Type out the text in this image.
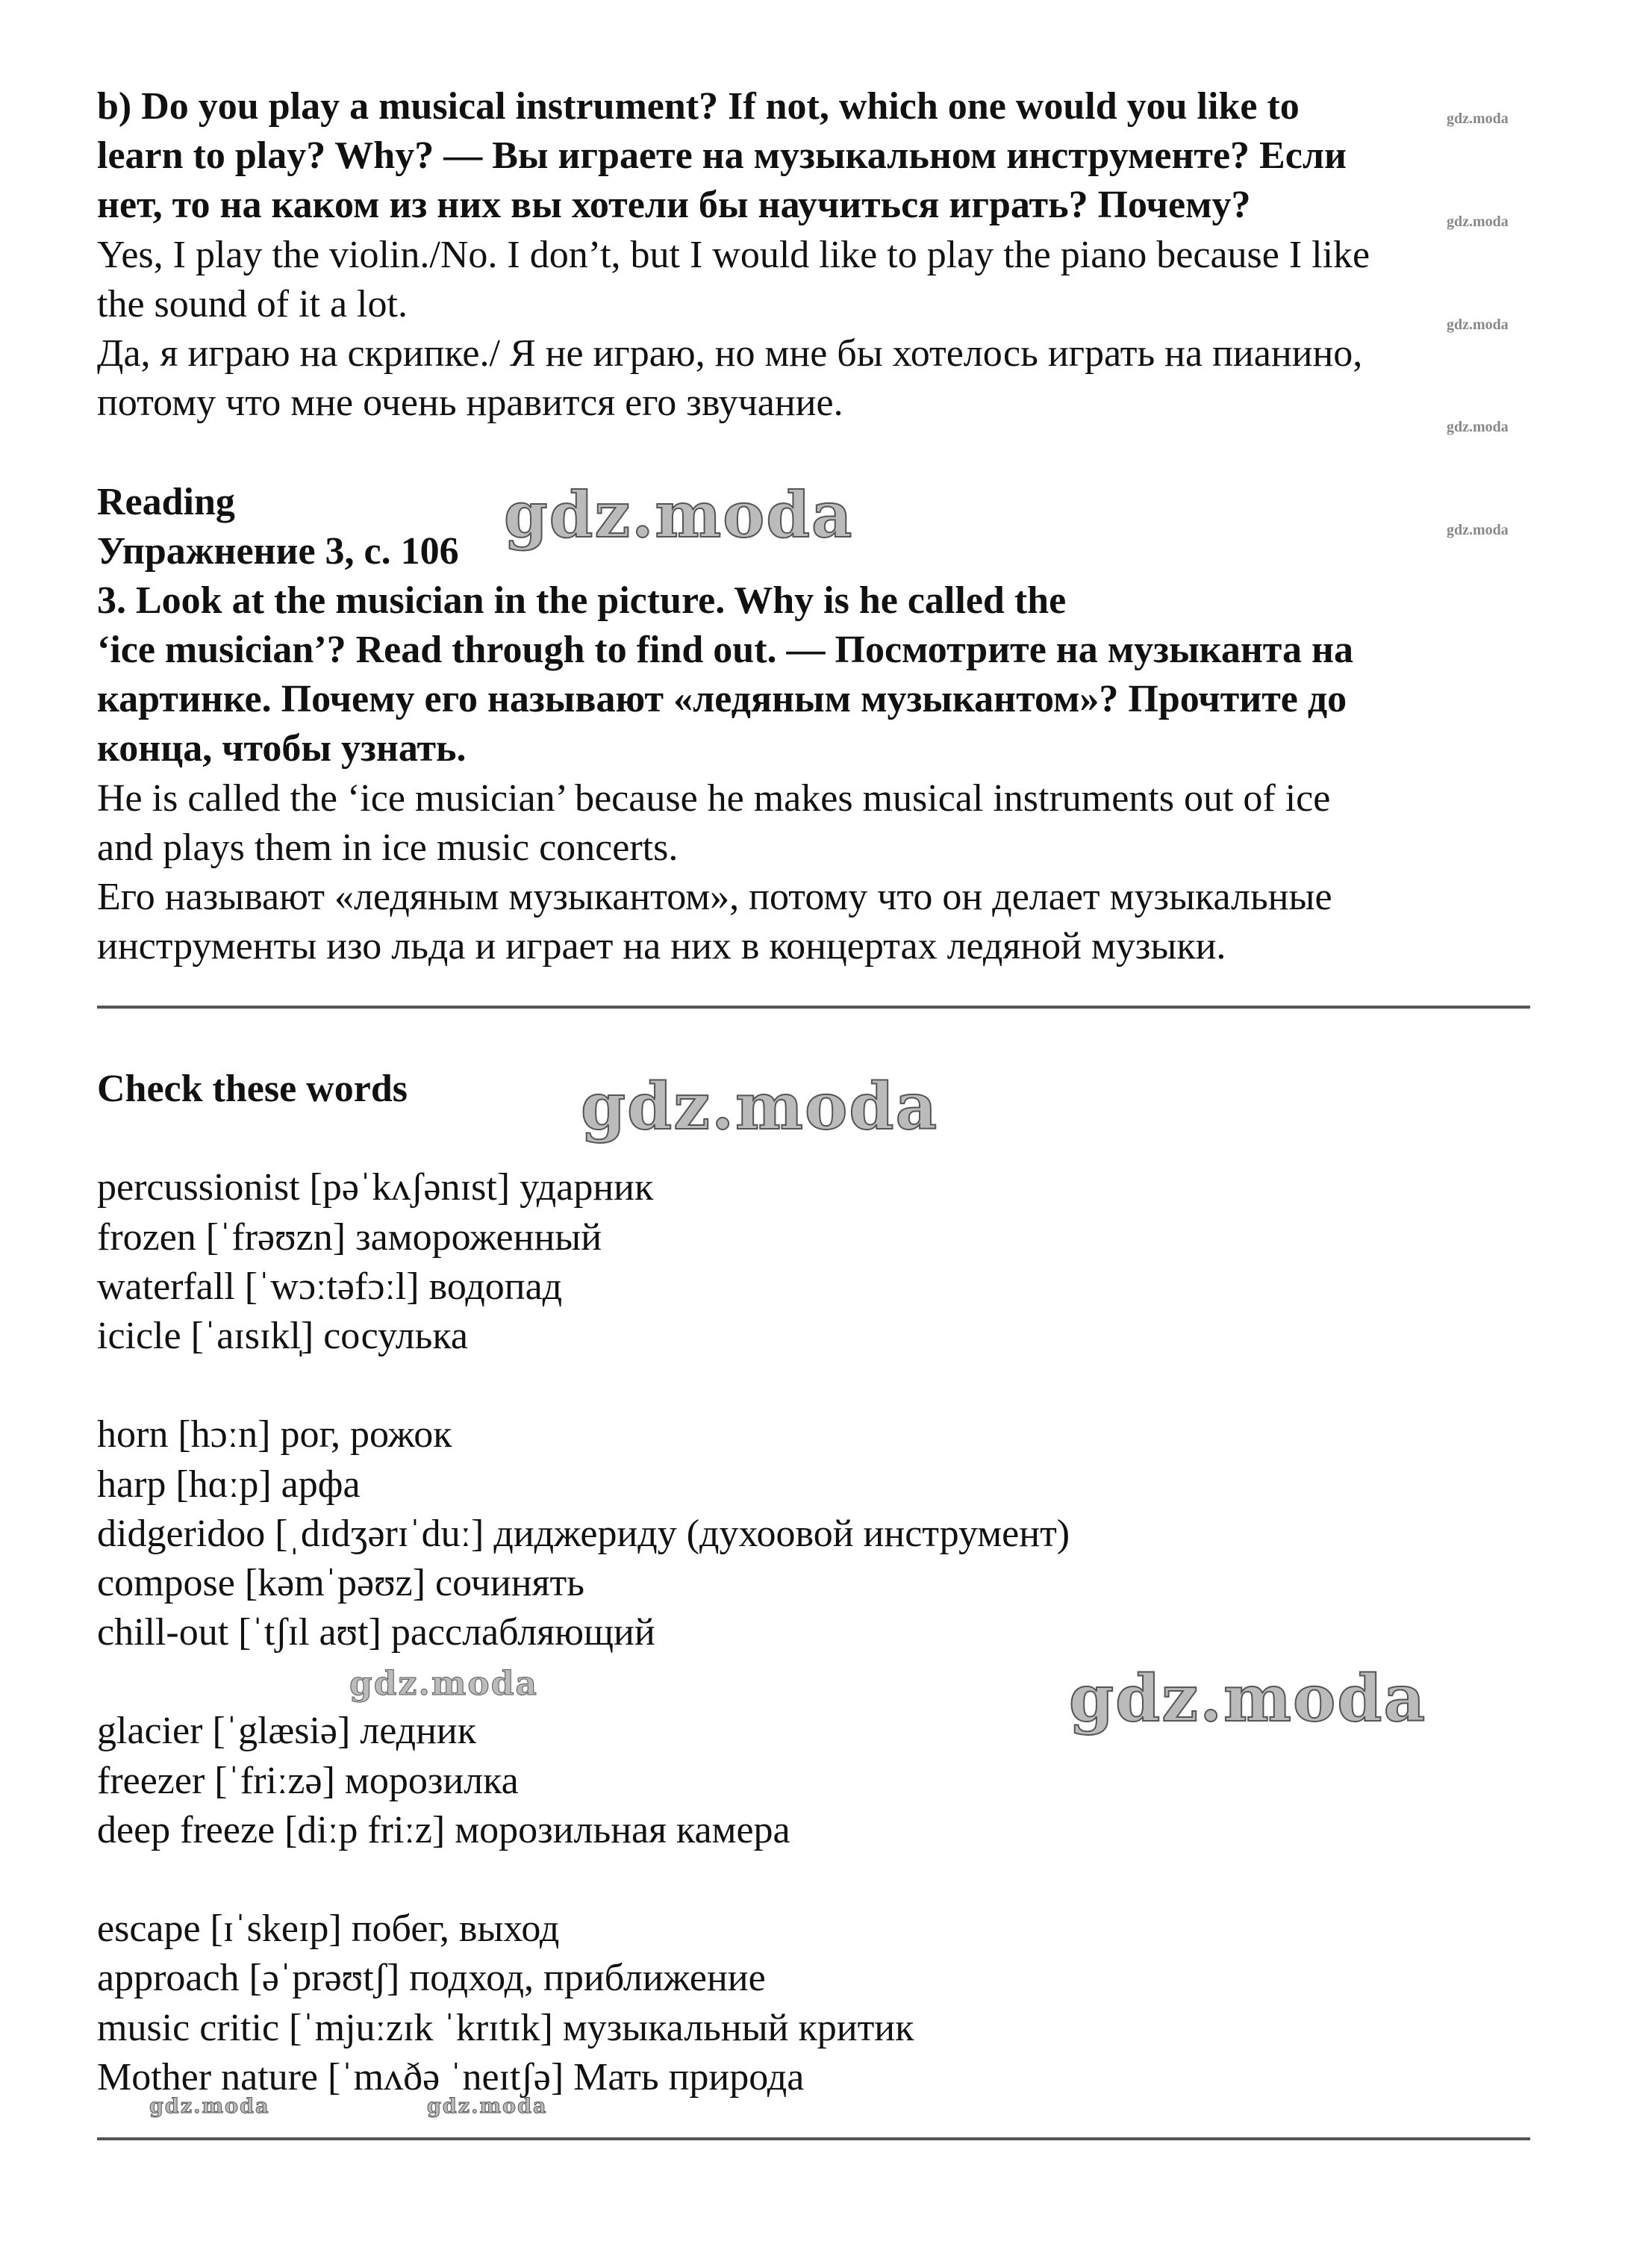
b) Do you play a musical instrument? If not, which one would you like to
learn to play? Why? — Вы играете на музыкальном инструменте? Если
нет, то на каком из них вы хотели бы научиться играть? Почему?
Yes, I play the violin./No. I don’t, but I would like to play the piano because I like
the sound of it a lot.
Да, я играю на скрипке./ Я не играю, но мне бы хотелось играть на пианино,
потому что мне очень нравится его звучание.
Reading
Упражнение 3, с. 106
3. Look at the musician in the picture. Why is he called the
‘ice musician’? Read through to find out. — Посмотрите на музыканта на
картинке. Почему его называют «ледяным музыкантом»? Прочтите до
конца, чтобы узнать.
He is called the ‘ice musician’ because he makes musical instruments out of ice
and plays them in ice music concerts.
Его называют «ледяным музыкантом», потому что он делает музыкальные
инструменты изо льда и играет на них в концертах ледяной музыки.
Check these words
percussionist [pəˈkʌʃənɪst] ударник
frozen [ˈfrəʊzn] замороженный
waterfall [ˈwɔːtəfɔːl] водопад
icicle [ˈaɪsɪkl̩] сосулька
horn [hɔːn] рог, рожок
harp [hɑːp] арфа
didgeridoo [ˌdɪdʒərɪˈduː] диджериду (духоовой инструмент)
compose [kəmˈpəʊz] сочинять
chill-out [ˈtʃɪl aʊt] расслабляющий
glacier [ˈglæsiə] ледник
freezer [ˈfriːzə] морозилка
deep freeze [diːp friːz] морозильная камера
escape [ɪˈskeɪp] побег, выход
approach [əˈprəʊtʃ] подход, приближение
music critic [ˈmjuːzɪk ˈkrɪtɪk] музыкальный критик
Mother nature [ˈmʌðə ˈneɪtʃə] Мать природа
gdz.moda
gdz.moda
gdz.moda
gdz.moda
gdz.moda
gdz.moda
gdz.moda
gdz.moda
gdz.moda
gdz.moda	gdz.moda
